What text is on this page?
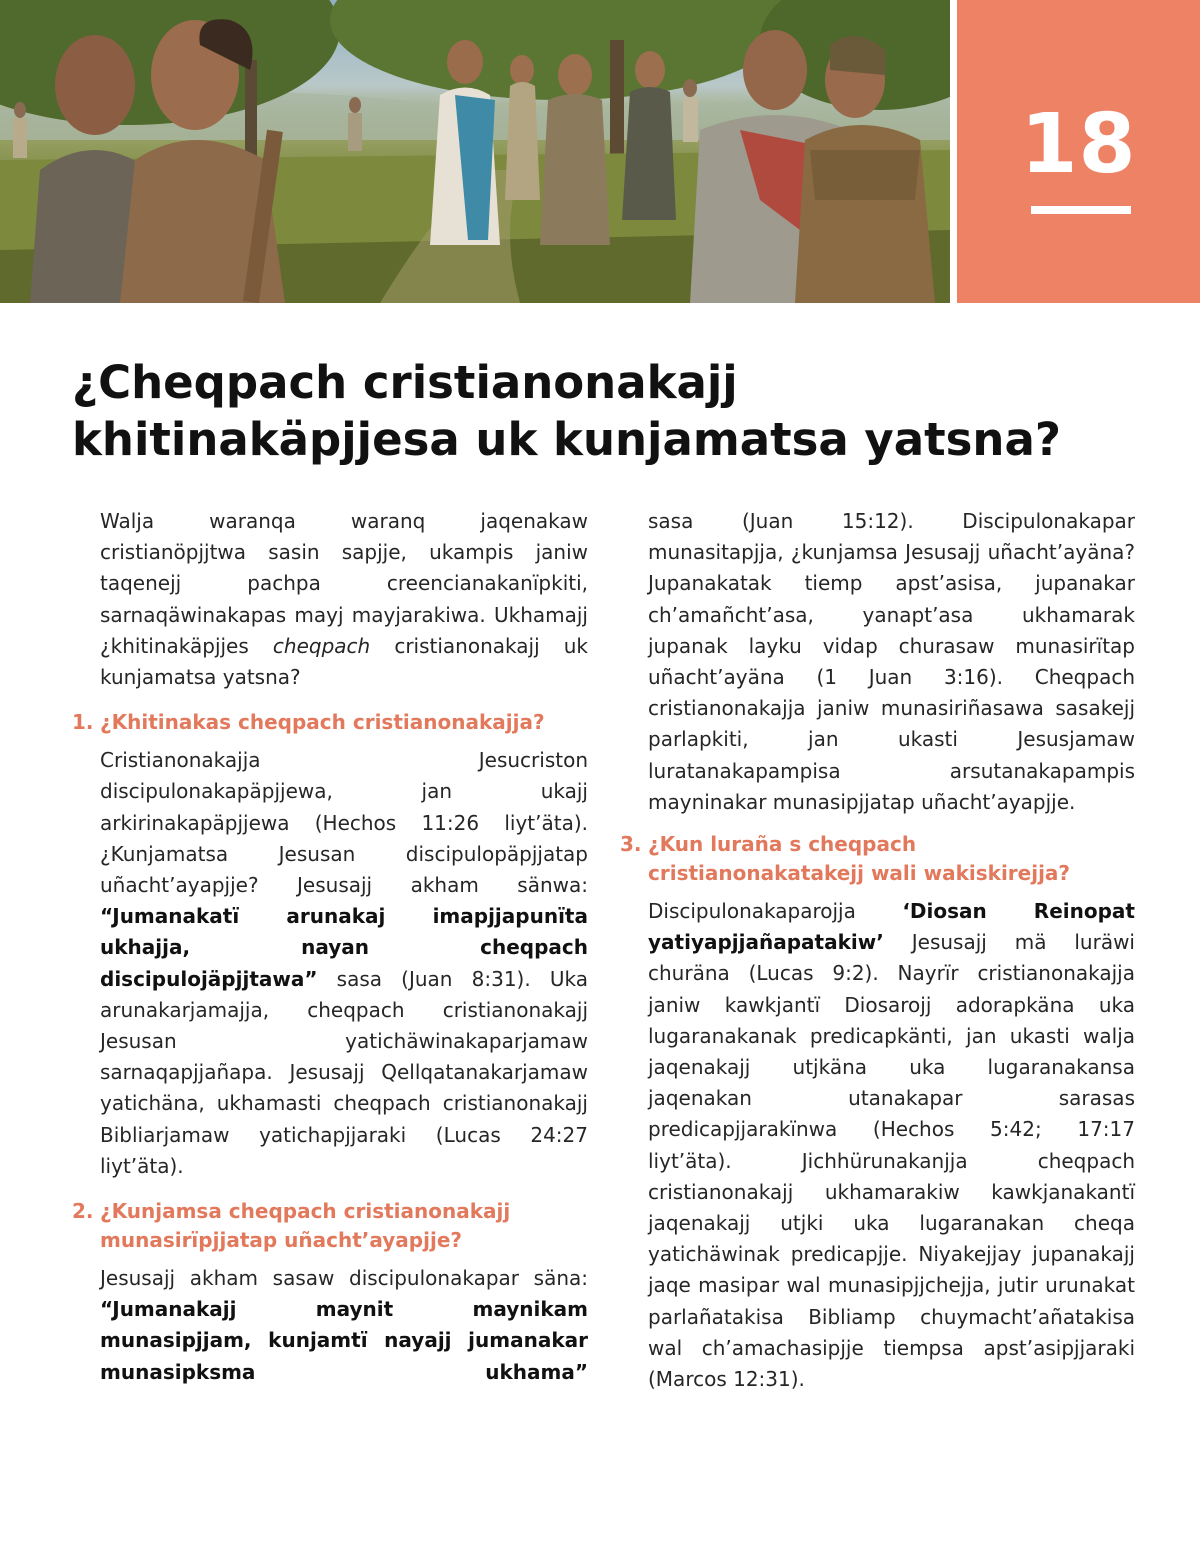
18
¿Cheqpach cristianonakajj
khitinakäpjjesa uk kunjamatsa yatsna?

Walja waranqa waranq jaqenakaw cristianöpjjtwa sasin sapjje, ukampis janiw taqenejj pachpa creencianakanïpkiti, sarnaqäwinakapas mayj mayjarakiwa. Ukhamajj ¿khitinakäpjjes cheqpach cristianonakajj uk kunjamatsa yatsna?

1. ¿Khitinakas cheqpach cristianonakajja?

Cristianonakajja Jesucriston discipulonakapäpjjewa, jan ukajj arkirinakapäpjjewa (Hechos 11:26 liyt’äta). ¿Kunjamatsa Jesusan discipulopäpjjatap uñacht’ayapjje? Jesusajj akham sänwa: “Jumanakatï arunakaj imapjjapunïta ukhajja, nayan cheqpach discipulojäpjjtawa” sasa (Juan 8:31). Uka arunakarjamajja, cheqpach cristianonakajj Jesusan yatichäwinakaparjamaw sarnaqapjjañapa. Jesusajj Qellqatanakarjamaw yatichäna, ukhamasti cheqpach cristianonakajj Bibliarjamaw yatichapjjaraki (Lucas 24:27 liyt’äta).

2. ¿Kunjamsa cheqpach cristianonakajj munasirïpjjatap uñacht’ayapjje?

Jesusajj akham sasaw discipulonakapar säna: “Jumanakajj maynit maynikam munasipjjam, kunjamtï nayajj jumanakar munasipksma ukhama”

sasa (Juan 15:12). Discipulonakapar munasitapjja, ¿kunjamsa Jesusajj uñacht’ayäna? Jupanakatak tiemp apst’asisa, jupanakar ch’amañcht’asa, yanapt’asa ukhamarak jupanak layku vidap churasaw munasirïtap uñacht’ayäna (1 Juan 3:16). Cheqpach cristianonakajja janiw munasiriñasawa sasakejj parlapkiti, jan ukasti Jesusjamaw luratanakapampisa arsutanakapampis mayninakar munasipjjatap uñacht’ayapjje.

3. ¿Kun luraña s cheqpach cristianonakatakejj wali wakiskirejja?

Discipulonakaparojja ‘Diosan Reinopat yatiyapjjañapatakiw’ Jesusajj mä luräwi churäna (Lucas 9:2). Nayrïr cristianonakajja janiw kawkjantï Diosarojj adorapkäna uka lugaranakanak predicapkänti, jan ukasti walja jaqenakajj utjkäna uka lugaranakansa jaqenakan utanakapar sarasas predicapjjarakïnwa (Hechos 5:42; 17:17 liyt’äta). Jichhürunakanjja cheqpach cristianonakajj ukhamarakiw kawkjanakantï jaqenakajj utjki uka lugaranakan cheqa yatichäwinak predicapjje. Niyakejjay jupanakajj jaqe masipar wal munasipjjchejja, jutir urunakat parlañatakisa Bibliamp chuymacht’añatakisa wal ch’amachasipjje tiempsa apst’asipjjaraki (Marcos 12:31).
